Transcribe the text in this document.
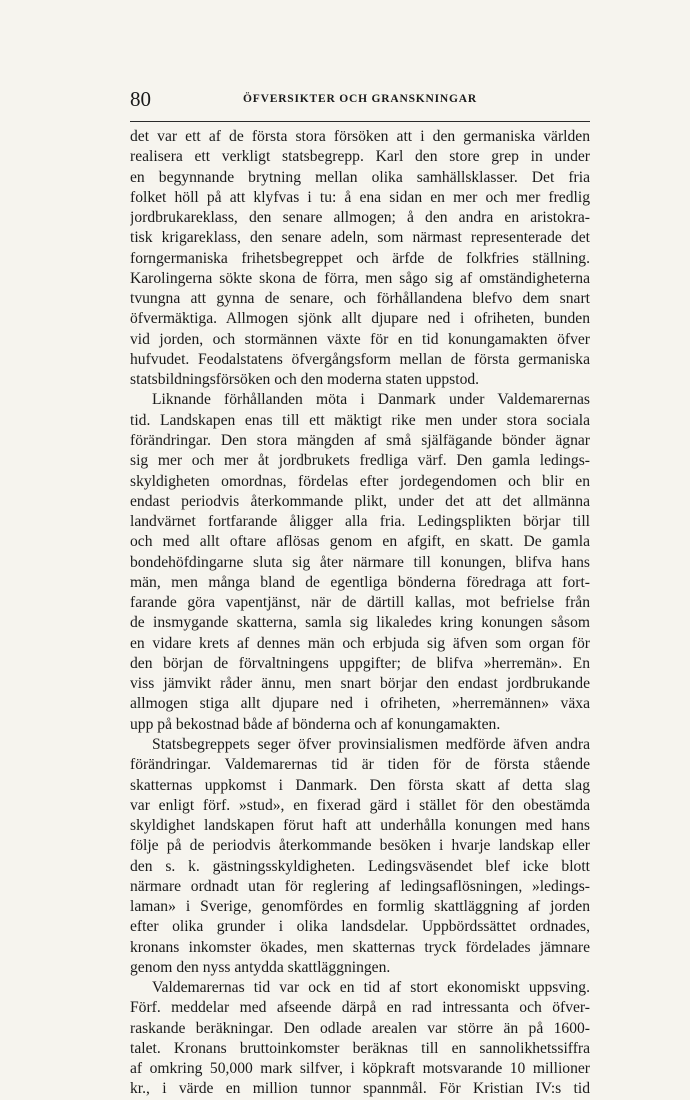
80	ÖFVERSIKTER OCH GRANSKNINGAR
det var ett af de första stora försöken att i den germaniska världen
realisera ett verkligt statsbegrepp. Karl den store grep in under
en begynnande brytning mellan olika samhällsklasser. Det fria
folket höll på att klyfvas i tu: å ena sidan en mer och mer fredlig
jordbrukareklass, den senare allmogen; å den andra en aristokra-
tisk krigareklass, den senare adeln, som närmast representerade det
forngermaniska frihetsbegreppet och ärfde de folkfries ställning.
Karolingerna sökte skona de förra, men sågo sig af omständigheterna
tvungna att gynna de senare, och förhållandena blefvo dem snart
öfvermäktiga. Allmogen sjönk allt djupare ned i ofriheten, bunden
vid jorden, och stormännen växte för en tid konungamakten öfver
hufvudet. Feodalstatens öfvergångsform mellan de första germaniska
statsbildningsförsöken och den moderna staten uppstod.
Liknande förhållanden möta i Danmark under Valdemarernas
tid. Landskapen enas till ett mäktigt rike men under stora sociala
förändringar. Den stora mängden af små själfägande bönder ägnar
sig mer och mer åt jordbrukets fredliga värf. Den gamla ledings-
skyldigheten omordnas, fördelas efter jordegendomen och blir en
endast periodvis återkommande plikt, under det att det allmänna
landvärnet fortfarande åligger alla fria. Ledingsplikten börjar till
och med allt oftare aflösas genom en afgift, en skatt. De gamla
bondehöfdingarne sluta sig åter närmare till konungen, blifva hans
män, men många bland de egentliga bönderna föredraga att fort-
farande göra vapentjänst, när de därtill kallas, mot befrielse från
de insmygande skatterna, samla sig likaledes kring konungen såsom
en vidare krets af dennes män och erbjuda sig äfven som organ för
den början de förvaltningens uppgifter; de blifva »herremän». En
viss jämvikt råder ännu, men snart börjar den endast jordbrukande
allmogen stiga allt djupare ned i ofriheten, »herremännen» växa
upp på bekostnad både af bönderna och af konungamakten.
Statsbegreppets seger öfver provinsialismen medförde äfven andra
förändringar. Valdemarernas tid är tiden för de första stående
skatternas uppkomst i Danmark. Den första skatt af detta slag
var enligt förf. »stud», en fixerad gärd i stället för den obestämda
skyldighet landskapen förut haft att underhålla konungen med hans
följe på de periodvis återkommande besöken i hvarje landskap eller
den s. k. gästningsskyldigheten. Ledingsväsendet blef icke blott
närmare ordnadt utan för reglering af ledingsaflösningen, »ledings-
laman» i Sverige, genomfördes en formlig skattläggning af jorden
efter olika grunder i olika landsdelar. Uppbördssättet ordnades,
kronans inkomster ökades, men skatternas tryck fördelades jämnare
genom den nyss antydda skattläggningen.
Valdemarernas tid var ock en tid af stort ekonomiskt uppsving.
Förf. meddelar med afseende därpå en rad intressanta och öfver-
raskande beräkningar. Den odlade arealen var större än på 1600-
talet. Kronans bruttoinkomster beräknas till en sannolikhetssiffra
af omkring 50,000 mark silfver, i köpkraft motsvarande 10 millioner
kr., i värde en million tunnor spannmål. För Kristian IV:s tid
